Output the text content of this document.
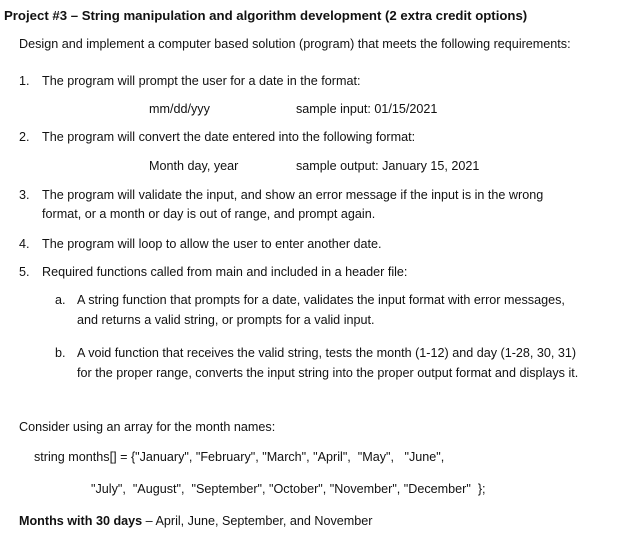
Project #3 – String manipulation and algorithm development (2 extra credit options)
Design and implement a computer based solution (program) that meets the following requirements:
1. The program will prompt the user for a date in the format:
mm/dd/yyy	sample input: 01/15/2021
2. The program will convert the date entered into the following format:
Month day, year	sample output: January 15, 2021
3. The program will validate the input, and show an error message if the input is in the wrong
format, or a month or day is out of range, and prompt again.
4. The program will loop to allow the user to enter another date.
5. Required functions called from main and included in a header file:
a. A string function that prompts for a date, validates the input format with error messages,
and returns a valid string, or prompts for a valid input.
b. A void function that receives the valid string, tests the month (1-12) and day (1-28, 30, 31)
for the proper range, converts the input string into the proper output format and displays it.
Consider using an array for the month names:
string months[] = {"January", "February", "March", "April",  "May",   "June",
"July",  "August",  "September", "October", "November", "December"  };
Months with 30 days – April, June, September, and November
